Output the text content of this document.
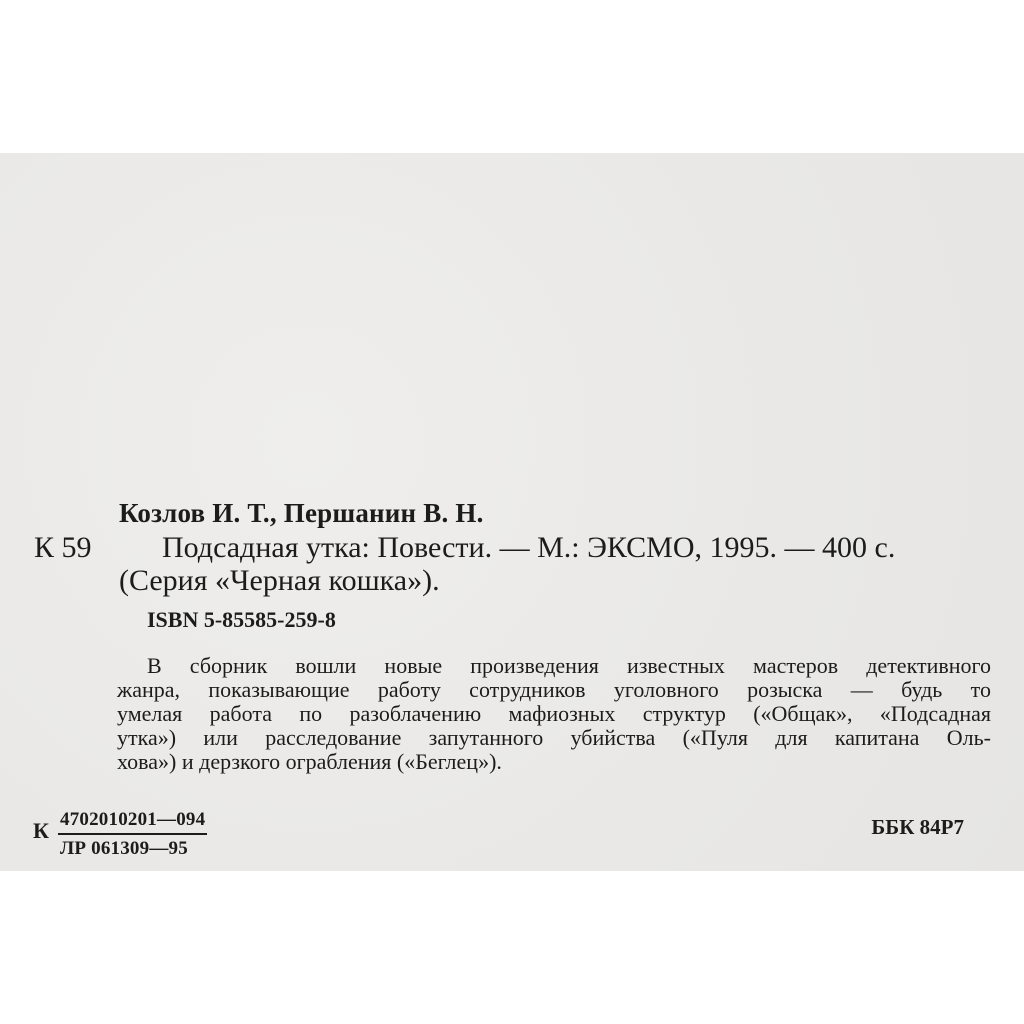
Козлов И. Т., Першанин В. Н.
К 59 Подсадная утка: Повести. — М.: ЭКСМО, 1995. — 400 с.
(Серия «Черная кошка»).
ISBN 5-85585-259-8
В сборник вошли новые произведения известных мастеров детективного
жанра, показывающие работу сотрудников уголовного розыска — будь то
умелая работа по разоблачению мафиозных структур («Общак», «Подсадная
утка») или расследование запутанного убийства («Пуля для капитана Оль-
хова») и дерзкого ограбления («Беглец»).
К 4702010201—094
ЛР 061309—95
ББК 84Р7
